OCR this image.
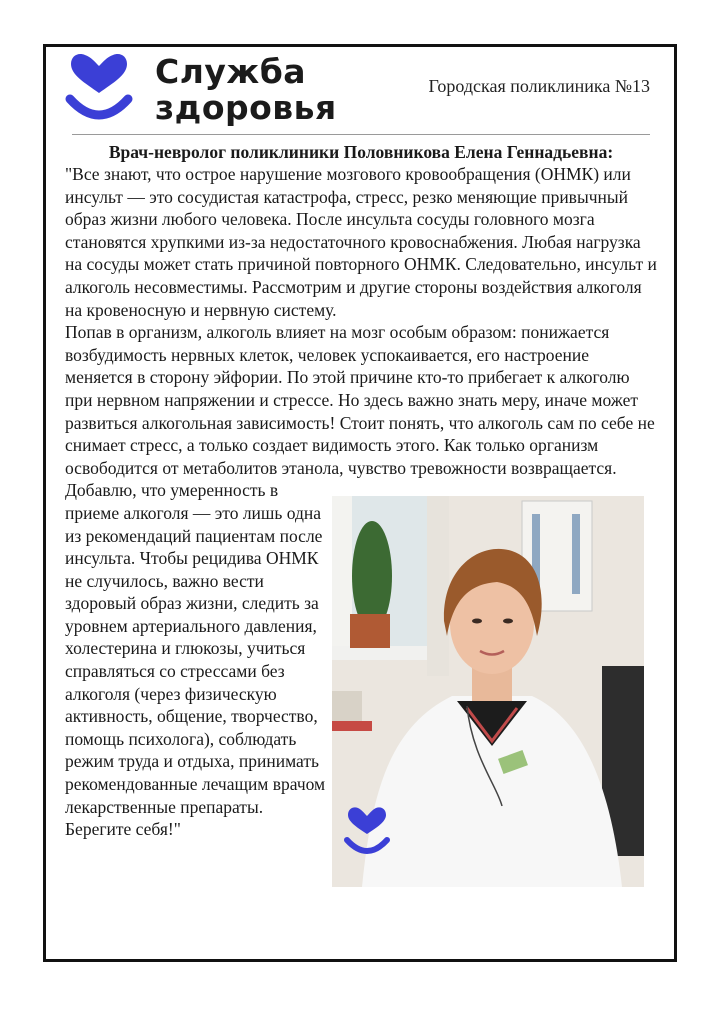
Служба
здоровья
Городская поликлиника №13

Врач-невролог поликлиники Половникова Елена Геннадьевна:

"Все знают, что острое нарушение мозгового кровообращения (ОНМК) или инсульт — это сосудистая катастрофа, стресс, резко меняющие привычный образ жизни любого человека. После инсульта сосуды головного мозга становятся хрупкими из-за недостаточного кровоснабжения. Любая нагрузка на сосуды может стать причиной повторного ОНМК. Следовательно, инсульт и алкоголь несовместимы. Рассмотрим и другие стороны воздействия алкоголя на кровеносную и нервную систему.

Попав в организм, алкоголь влияет на мозг особым образом: понижается возбудимость нервных клеток, человек успокаивается, его настроение меняется в сторону эйфории. По этой причине кто-то прибегает к алкоголю при нервном напряжении и стрессе. Но здесь важно знать меру, иначе может развиться алкогольная зависимость! Стоит понять, что алкоголь сам по себе не снимает стресс, а только создает видимость этого. Как только организм освободится от метаболитов этанола, чувство тревожности возвращается.

Добавлю, что умеренность в приеме алкоголя — это лишь одна из рекомендаций пациентам после инсульта. Чтобы рецидива ОНМК не случилось, важно вести здоровый образ жизни, следить за уровнем артериального давления, холестерина и глюкозы, учиться справляться со стрессами без алкоголя (через физическую активность, общение, творчество, помощь психолога), соблюдать режим труда и отдыха, принимать рекомендованные лечащим врачом лекарственные препараты. Берегите себя!"
